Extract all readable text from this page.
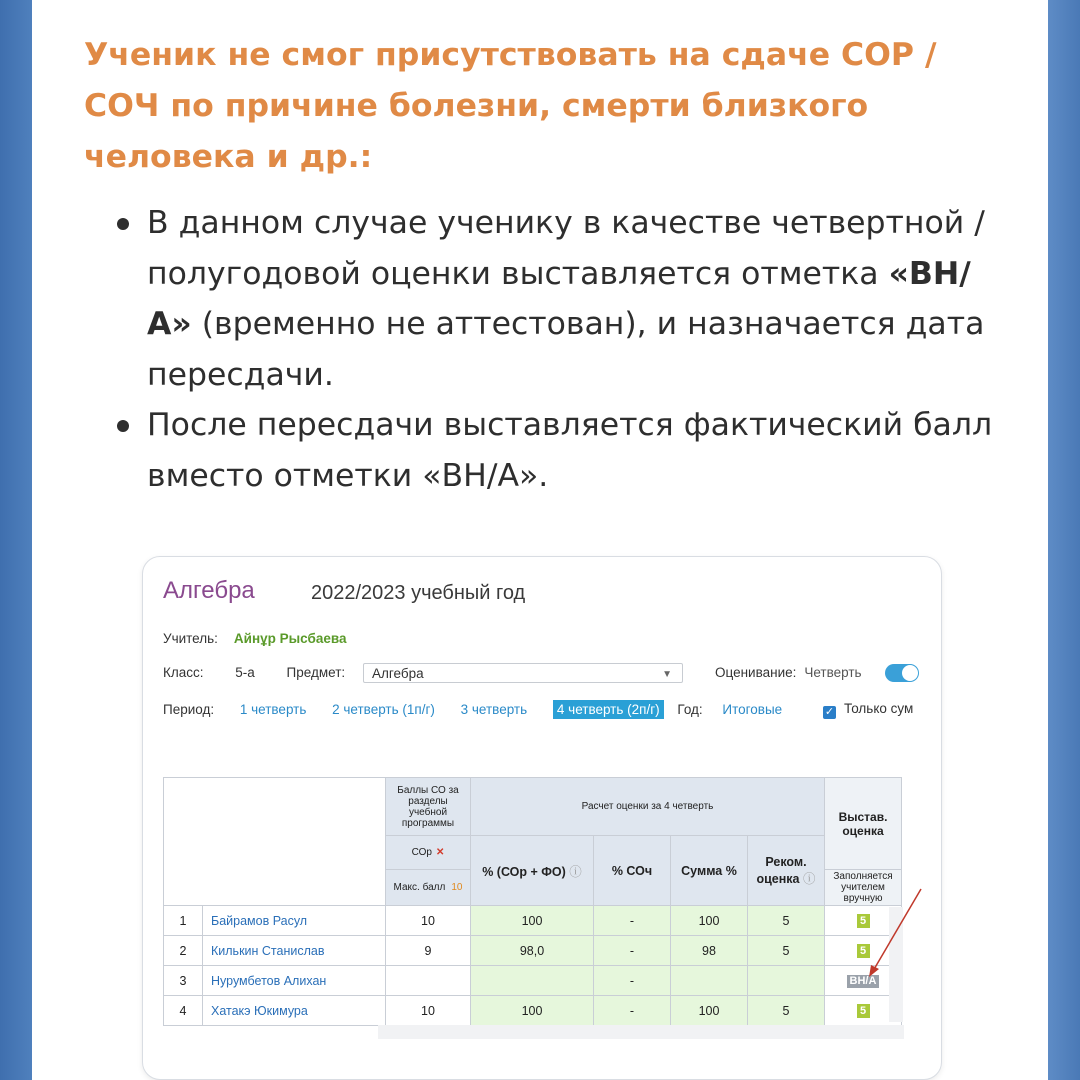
Ученик не смог присутствовать на сдаче СОР / СОЧ по причине болезни, смерти близкого человека и др.:
В данном случае ученику в качестве четвертной / полугодовой оценки выставляется отметка «ВН/А» (временно не аттестован), и назначается дата пересдачи.
После пересдачи выставляется фактический балл вместо отметки «ВН/А».
Алгебра	2022/2023 учебный год
Учитель: Айнұр Рысбаева
Класс: 5-а Предмет:	Алгебра	▼	Оценивание: Четверть
Период: 1 четверть 2 четверть (1п/г) 3 четверть 4 четверть (2п/г) Год: Итоговые	✓ Только сум
		Баллы СО за разделы учебной программы	Расчет оценки за 4 четверть				Выстав. оценка
		СОр ✕	% (СОр + ФО) ⓘ	% СОч	Сумма %	Реком. оценка ⓘ	
		Макс. балл 10					Заполняется учителем вручную
1	Байрамов Расул	10	100	-	100	5	5
2	Килькин Станислав	9	98,0	-	98	5	5
3	Нурумбетов Алихан			-			ВН/А
4	Хатакэ Юкимура	10	100	-	100	5	5
